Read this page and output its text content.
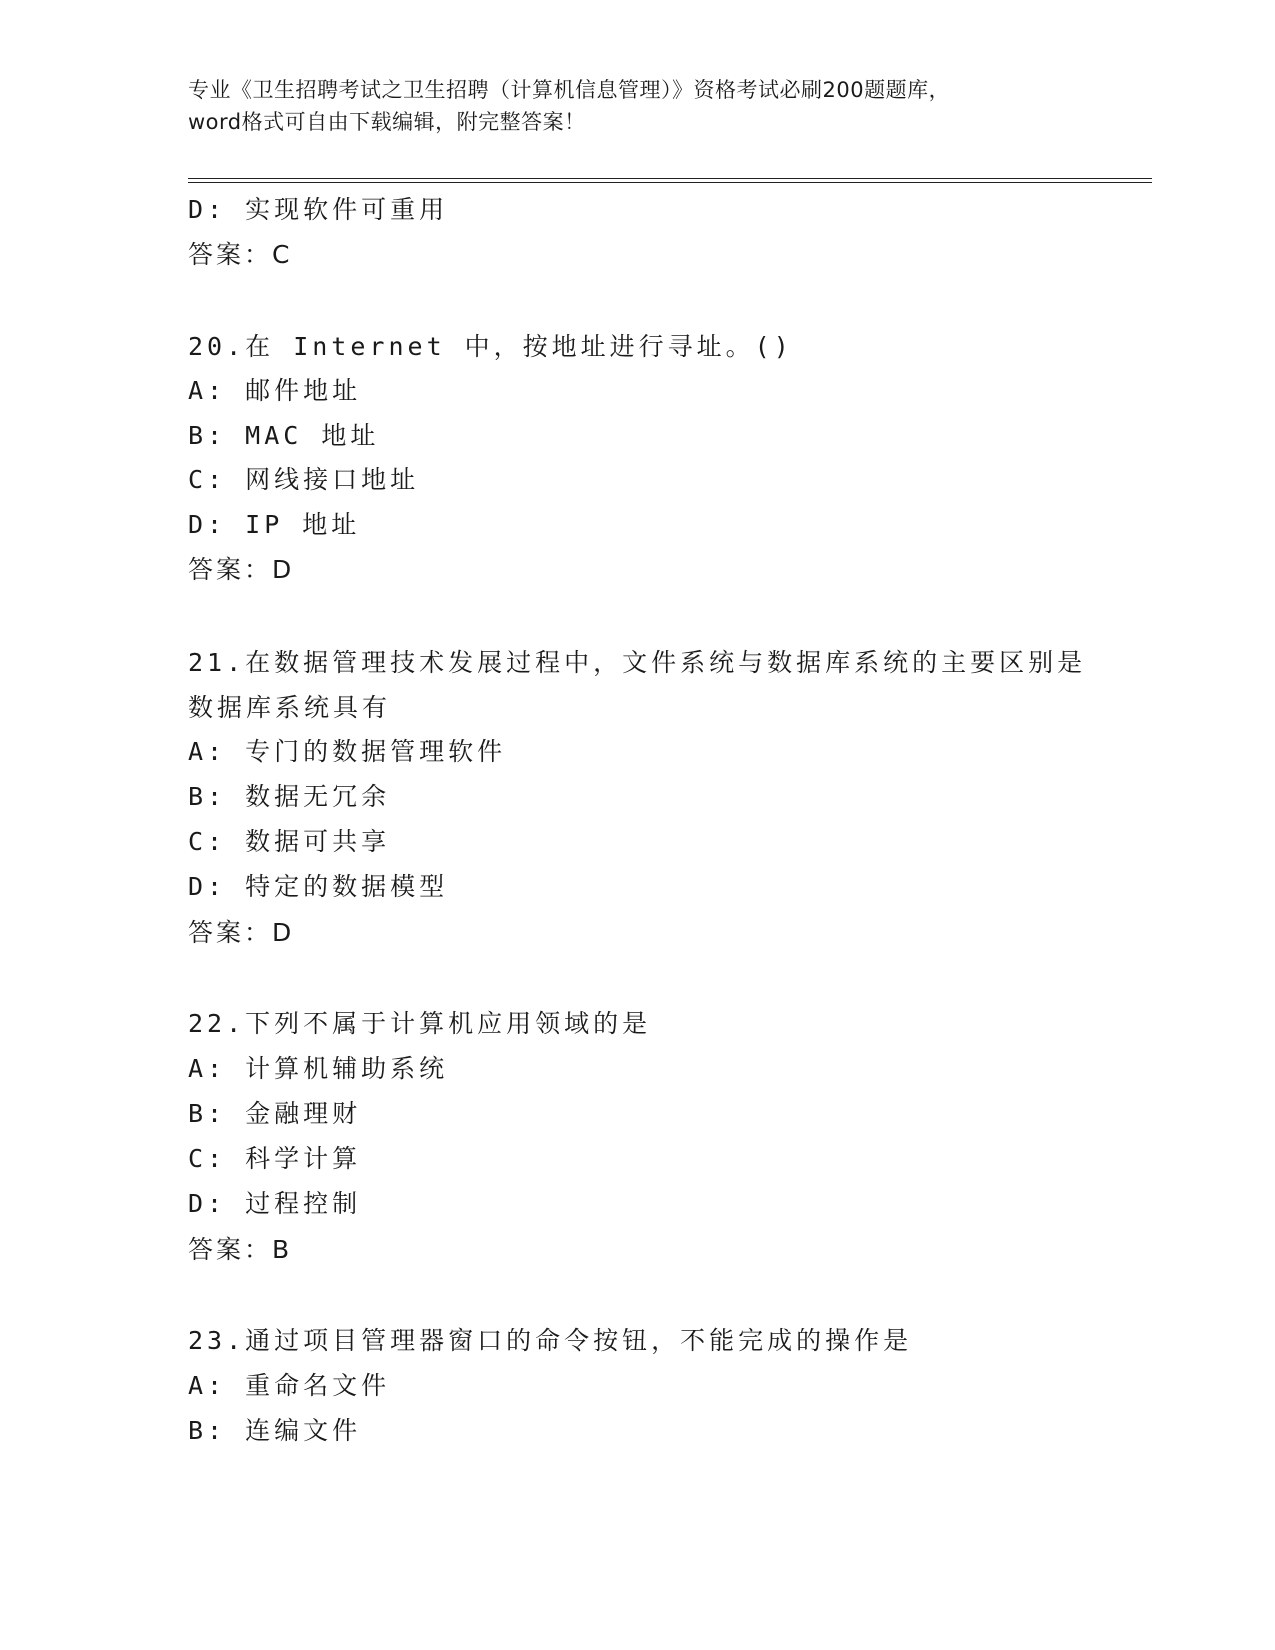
专业《卫生招聘考试之卫生招聘（计算机信息管理）》资格考试必刷200题题库，
word格式可自由下载编辑，附完整答案！
D: 实现软件可重用
答案：C
20.在 Internet 中，按地址进行寻址。()
A: 邮件地址
B: MAC 地址
C: 网线接口地址
D: IP 地址
答案：D
21.在数据管理技术发展过程中，文件系统与数据库系统的主要区别是
数据库系统具有
A: 专门的数据管理软件
B: 数据无冗余
C: 数据可共享
D: 特定的数据模型
答案：D
22.下列不属于计算机应用领域的是
A: 计算机辅助系统
B: 金融理财
C: 科学计算
D: 过程控制
答案：B
23.通过项目管理器窗口的命令按钮，不能完成的操作是
A: 重命名文件
B: 连编文件
